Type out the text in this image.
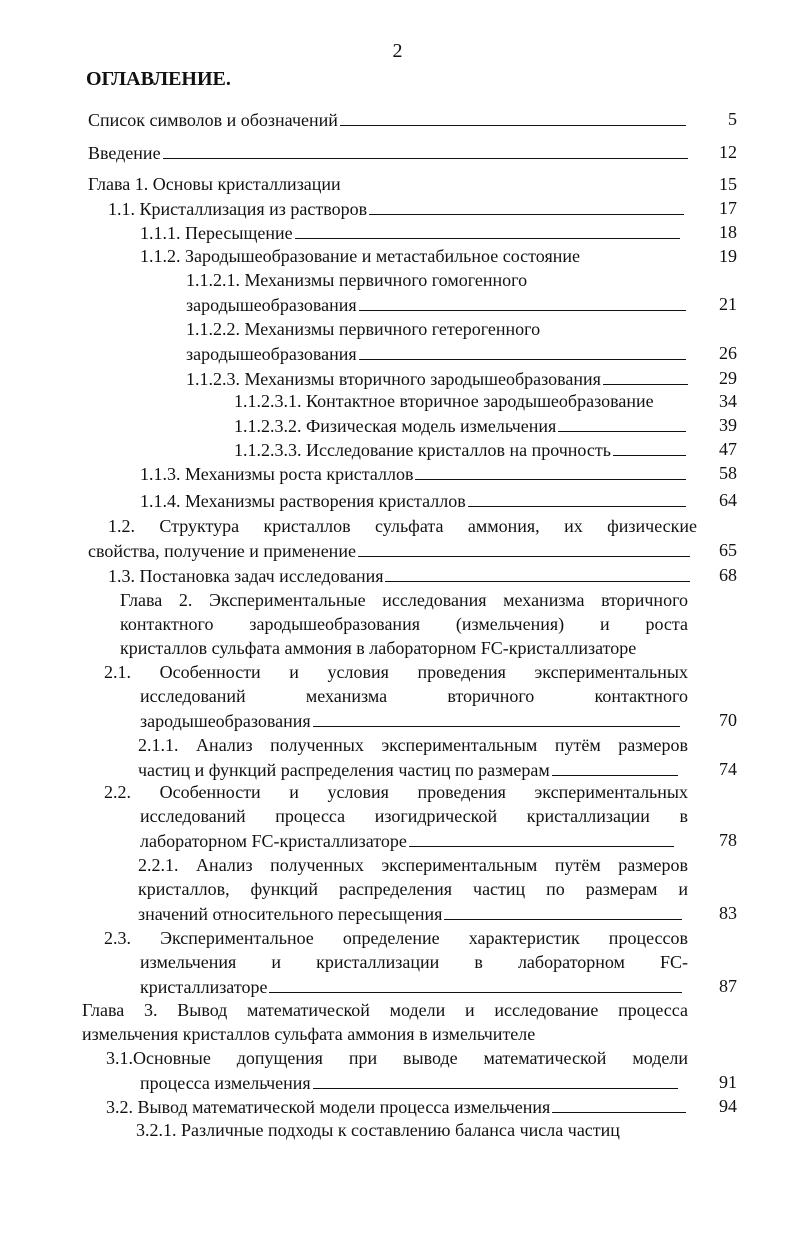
2
ОГЛАВЛЕНИЕ.
Список символов и обозначений	5
Введение	12
Глава 1. Основы кристаллизации	15
1.1. Кристаллизация из растворов	17
1.1.1. Пересыщение	18
1.1.2. Зародышеобразование и метастабильное состояние	19
1.1.2.1. Механизмы первичного гомогенного
зародышеобразования	21
1.1.2.2. Механизмы первичного гетерогенного
зародышеобразования	26
1.1.2.3. Механизмы вторичного зародышеобразования	29
1.1.2.3.1. Контактное вторичное зародышеобразование	34
1.1.2.3.2. Физическая модель измельчения	39
1.1.2.3.3. Исследование кристаллов на прочность	47
1.1.3. Механизмы роста кристаллов	58
1.1.4. Механизмы растворения кристаллов	64
1.2. Структура кристаллов сульфата аммония, их физические
свойства, получение и применение	65
1.3. Постановка задач исследования	68
Глава 2. Экспериментальные исследования механизма вторичного
контактного зародышеобразования (измельчения) и роста
кристаллов сульфата аммония в лабораторном FC-кристаллизаторе
2.1. Особенности и условия проведения экспериментальных
исследований механизма вторичного контактного
зародышеобразования	70
2.1.1. Анализ полученных экспериментальным путём размеров
частиц и функций распределения частиц по размерам	74
2.2. Особенности и условия проведения экспериментальных
исследований процесса изогидрической кристаллизации в
лабораторном FC-кристаллизаторе	78
2.2.1. Анализ полученных экспериментальным путём размеров
кристаллов, функций распределения частиц по размерам и
значений относительного пересыщения	83
2.3. Экспериментальное определение характеристик процессов
измельчения и кристаллизации в лабораторном FC-
кристаллизаторе	87
Глава 3. Вывод математической модели и исследование процесса
измельчения кристаллов сульфата аммония в измельчителе
3.1.Основные допущения при выводе математической модели
процесса измельчения	91
3.2. Вывод математической модели процесса измельчения	94
3.2.1. Различные подходы к составлению баланса числа частиц
